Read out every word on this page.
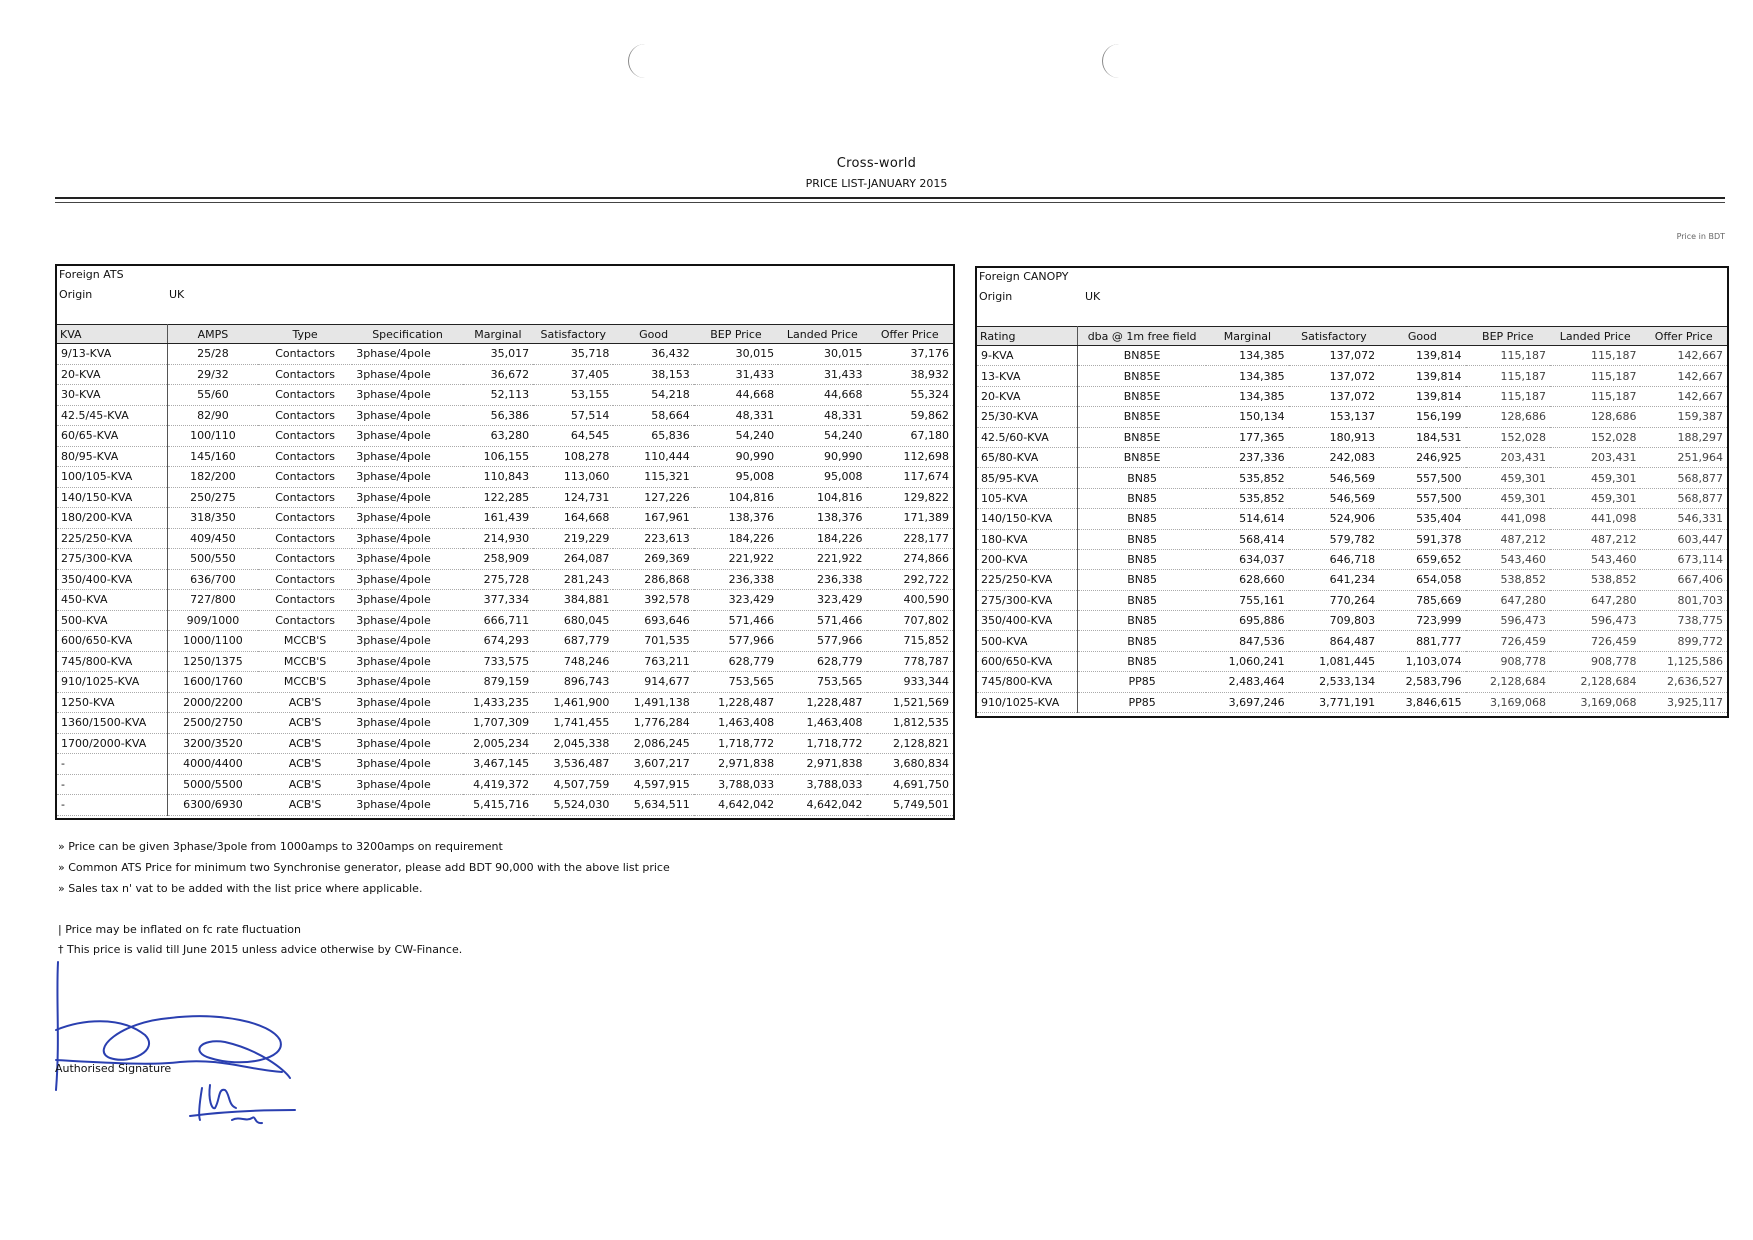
Cross-world
PRICE LIST-JANUARY 2015
Price in BDT
Foreign ATS
Origin	UK
KVA	AMPS	Type	Specification	Marginal	Satisfactory	Good	BEP Price	Landed Price	Offer Price
9/13-KVA	25/28	Contactors	3phase/4pole	35,017	35,718	36,432	30,015	30,015	37,176
20-KVA	29/32	Contactors	3phase/4pole	36,672	37,405	38,153	31,433	31,433	38,932
30-KVA	55/60	Contactors	3phase/4pole	52,113	53,155	54,218	44,668	44,668	55,324
42.5/45-KVA	82/90	Contactors	3phase/4pole	56,386	57,514	58,664	48,331	48,331	59,862
60/65-KVA	100/110	Contactors	3phase/4pole	63,280	64,545	65,836	54,240	54,240	67,180
80/95-KVA	145/160	Contactors	3phase/4pole	106,155	108,278	110,444	90,990	90,990	112,698
100/105-KVA	182/200	Contactors	3phase/4pole	110,843	113,060	115,321	95,008	95,008	117,674
140/150-KVA	250/275	Contactors	3phase/4pole	122,285	124,731	127,226	104,816	104,816	129,822
180/200-KVA	318/350	Contactors	3phase/4pole	161,439	164,668	167,961	138,376	138,376	171,389
225/250-KVA	409/450	Contactors	3phase/4pole	214,930	219,229	223,613	184,226	184,226	228,177
275/300-KVA	500/550	Contactors	3phase/4pole	258,909	264,087	269,369	221,922	221,922	274,866
350/400-KVA	636/700	Contactors	3phase/4pole	275,728	281,243	286,868	236,338	236,338	292,722
450-KVA	727/800	Contactors	3phase/4pole	377,334	384,881	392,578	323,429	323,429	400,590
500-KVA	909/1000	Contactors	3phase/4pole	666,711	680,045	693,646	571,466	571,466	707,802
600/650-KVA	1000/1100	MCCB'S	3phase/4pole	674,293	687,779	701,535	577,966	577,966	715,852
745/800-KVA	1250/1375	MCCB'S	3phase/4pole	733,575	748,246	763,211	628,779	628,779	778,787
910/1025-KVA	1600/1760	MCCB'S	3phase/4pole	879,159	896,743	914,677	753,565	753,565	933,344
1250-KVA	2000/2200	ACB'S	3phase/4pole	1,433,235	1,461,900	1,491,138	1,228,487	1,228,487	1,521,569
1360/1500-KVA	2500/2750	ACB'S	3phase/4pole	1,707,309	1,741,455	1,776,284	1,463,408	1,463,408	1,812,535
1700/2000-KVA	3200/3520	ACB'S	3phase/4pole	2,005,234	2,045,338	2,086,245	1,718,772	1,718,772	2,128,821
-	4000/4400	ACB'S	3phase/4pole	3,467,145	3,536,487	3,607,217	2,971,838	2,971,838	3,680,834
-	5000/5500	ACB'S	3phase/4pole	4,419,372	4,507,759	4,597,915	3,788,033	3,788,033	4,691,750
-	6300/6930	ACB'S	3phase/4pole	5,415,716	5,524,030	5,634,511	4,642,042	4,642,042	5,749,501
Foreign CANOPY
Origin	UK
Rating	dba @ 1m free field	Marginal	Satisfactory	Good	BEP Price	Landed Price	Offer Price
9-KVA	BN85E	134,385	137,072	139,814	115,187	115,187	142,667
13-KVA	BN85E	134,385	137,072	139,814	115,187	115,187	142,667
20-KVA	BN85E	134,385	137,072	139,814	115,187	115,187	142,667
25/30-KVA	BN85E	150,134	153,137	156,199	128,686	128,686	159,387
42.5/60-KVA	BN85E	177,365	180,913	184,531	152,028	152,028	188,297
65/80-KVA	BN85E	237,336	242,083	246,925	203,431	203,431	251,964
85/95-KVA	BN85	535,852	546,569	557,500	459,301	459,301	568,877
105-KVA	BN85	535,852	546,569	557,500	459,301	459,301	568,877
140/150-KVA	BN85	514,614	524,906	535,404	441,098	441,098	546,331
180-KVA	BN85	568,414	579,782	591,378	487,212	487,212	603,447
200-KVA	BN85	634,037	646,718	659,652	543,460	543,460	673,114
225/250-KVA	BN85	628,660	641,234	654,058	538,852	538,852	667,406
275/300-KVA	BN85	755,161	770,264	785,669	647,280	647,280	801,703
350/400-KVA	BN85	695,886	709,803	723,999	596,473	596,473	738,775
500-KVA	BN85	847,536	864,487	881,777	726,459	726,459	899,772
600/650-KVA	BN85	1,060,241	1,081,445	1,103,074	908,778	908,778	1,125,586
745/800-KVA	PP85	2,483,464	2,533,134	2,583,796	2,128,684	2,128,684	2,636,527
910/1025-KVA	PP85	3,697,246	3,771,191	3,846,615	3,169,068	3,169,068	3,925,117
» Price can be given 3phase/3pole from 1000amps to 3200amps on requirement
» Common ATS Price for minimum two Synchronise generator, please add BDT 90,000 with the above list price
» Sales tax n' vat to be added with the list price where applicable.
| Price may be inflated on fc rate fluctuation
† This price is valid till June 2015 unless advice otherwise by CW-Finance.
Authorised Signature
